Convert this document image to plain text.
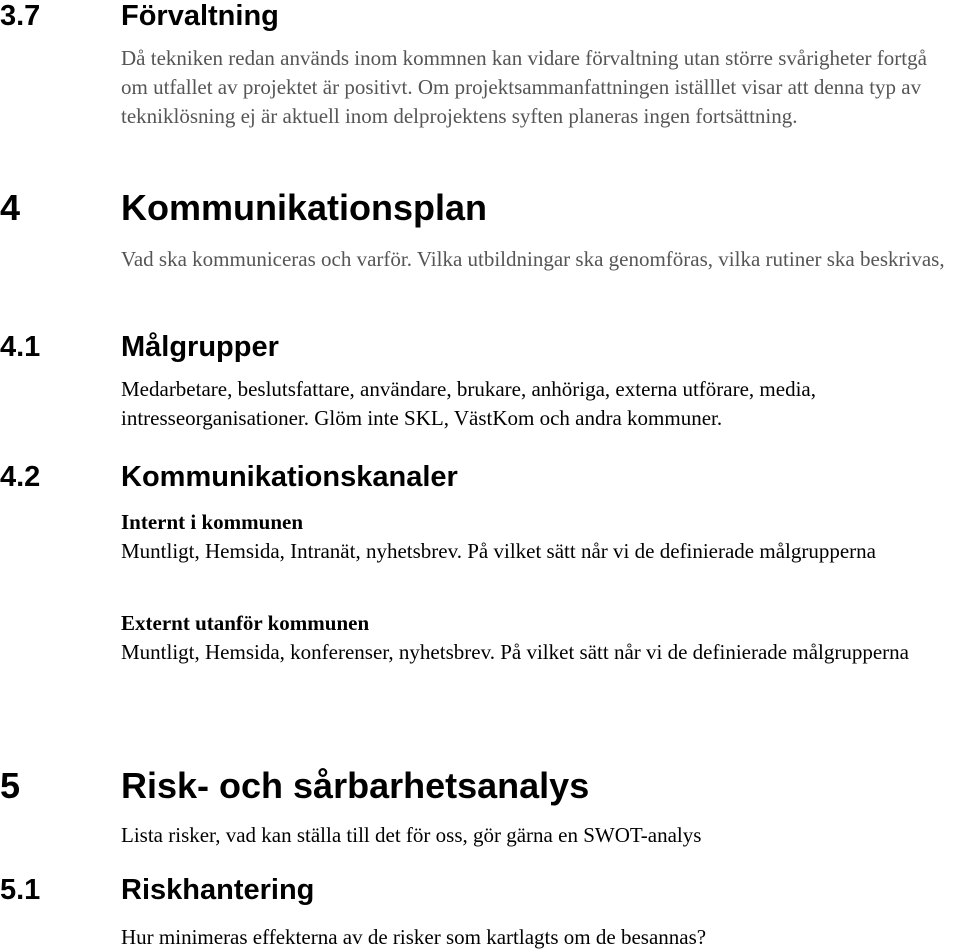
3.7	Förvaltning

Då tekniken redan används inom kommnen kan vidare förvaltning utan större svårigheter fortgå om utfallet av projektet är positivt. Om projektsammanfattningen iställlet visar att denna typ av tekniklösning ej är aktuell inom delprojektens syften planeras ingen fortsättning.

4	Kommunikationsplan

Vad ska kommuniceras och varför. Vilka utbildningar ska genomföras, vilka rutiner ska beskrivas,

4.1	Målgrupper

Medarbetare, beslutsfattare, användare, brukare, anhöriga, externa utförare, media, intresseorganisationer. Glöm inte SKL, VästKom och andra kommuner.

4.2	Kommunikationskanaler

Internt i kommunen

Muntligt, Hemsida, Intranät, nyhetsbrev. På vilket sätt når vi de definierade målgrupperna

Externt utanför kommunen

Muntligt, Hemsida, konferenser, nyhetsbrev. På vilket sätt når vi de definierade målgrupperna

5	Risk- och sårbarhetsanalys

Lista risker, vad kan ställa till det för oss, gör gärna en SWOT-analys

5.1	Riskhantering

Hur minimeras effekterna av de risker som kartlagts om de besannas?
